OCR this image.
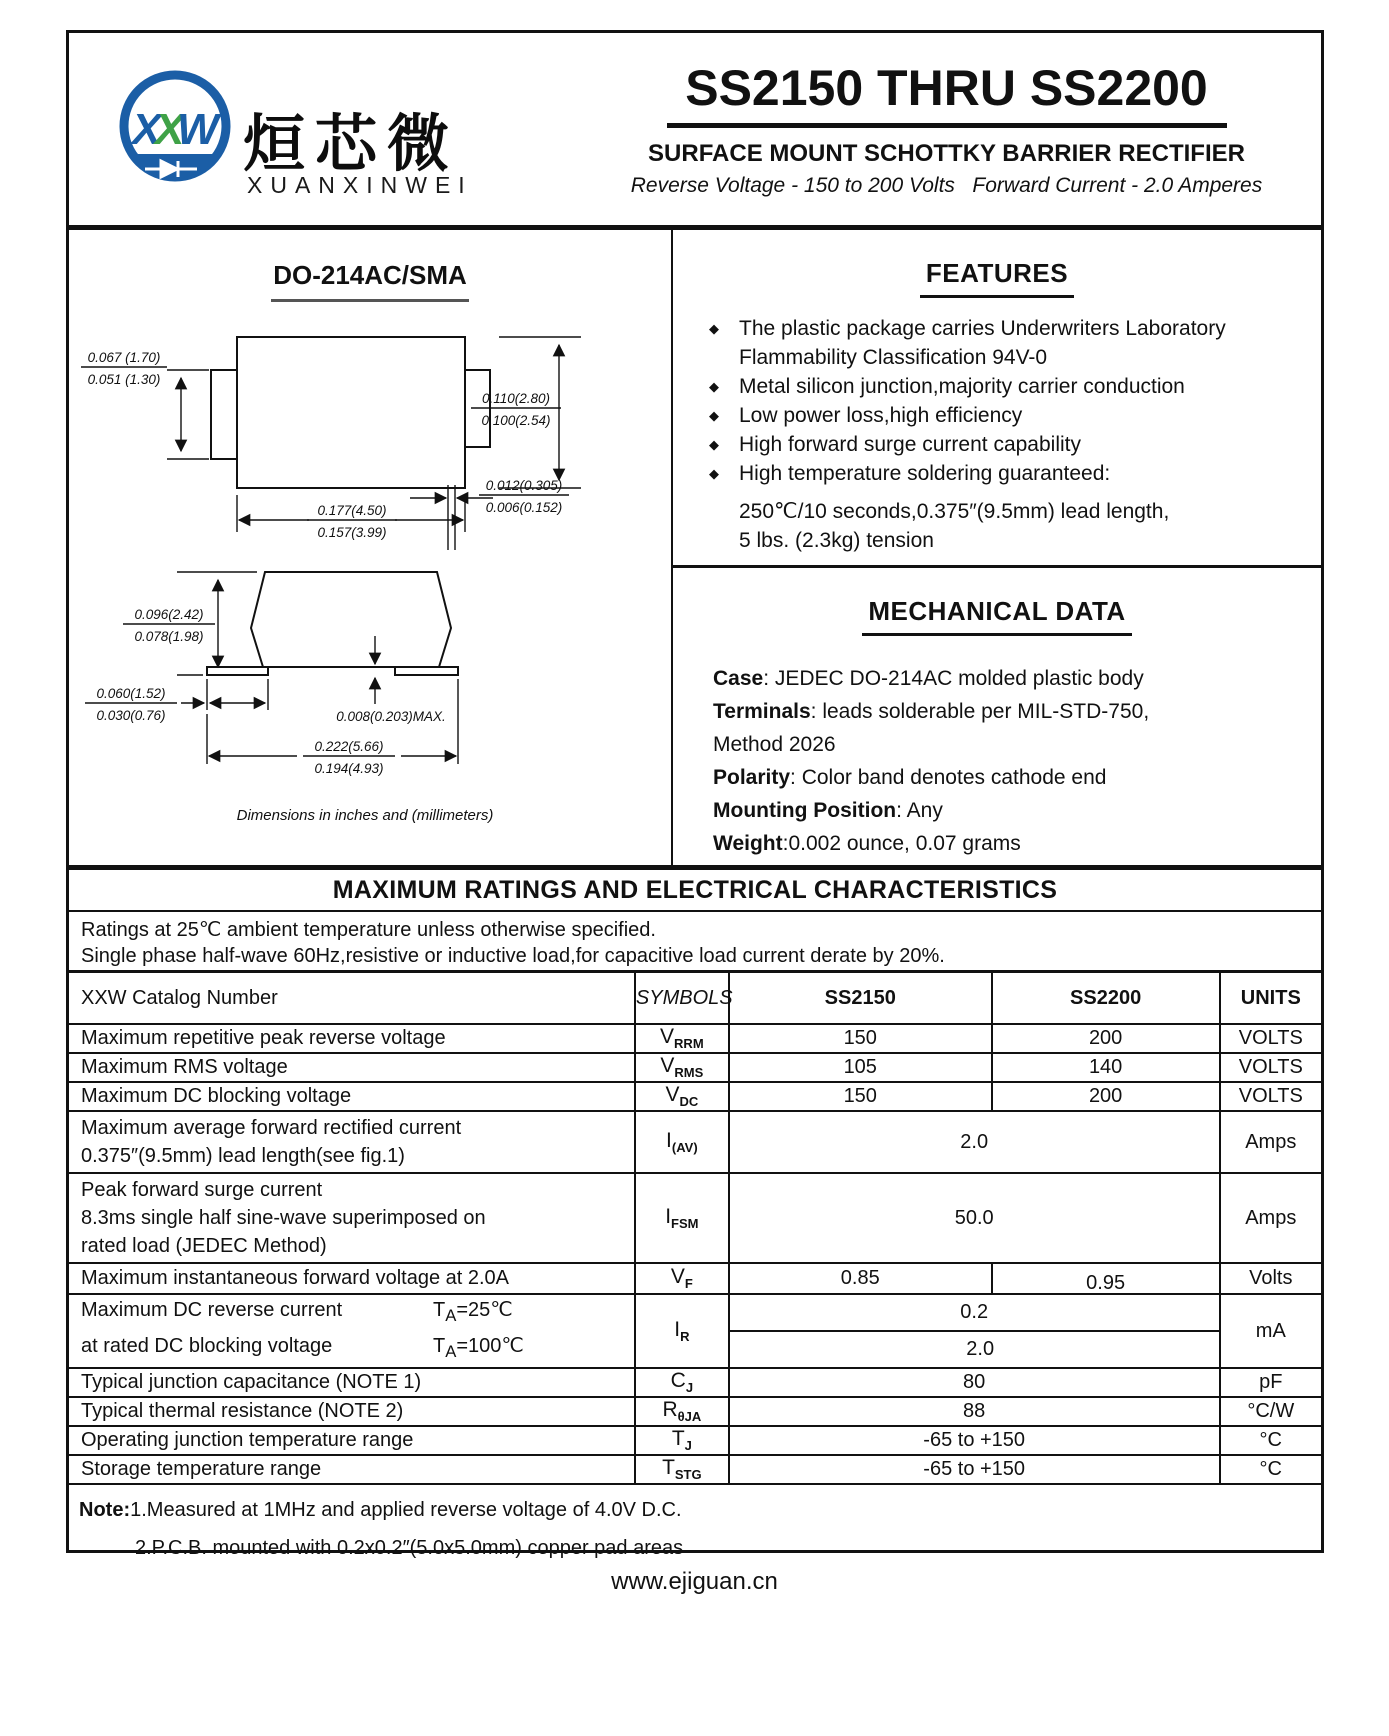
X
X
W 烜芯微
XUANXINWEI
SS2150 THRU SS2200
SURFACE MOUNT SCHOTTKY BARRIER RECTIFIER
Reverse Voltage - 150 to 200 Volts   Forward Current - 2.0 Amperes
DO-214AC/SMA
0.067 (1.70)
0.051 (1.30)
0.110(2.80)
0.100(2.54)
0.177(4.50)
0.157(3.99)
0.012(0.305)
0.006(0.152)
0.096(2.42)
0.078(1.98)
0.060(1.52)
0.030(0.76)	0.008(0.203)MAX.
0.222(5.66)
0.194(4.93)
Dimensions in inches and (millimeters)
FEATURES
◆ The plastic package carries Underwriters Laboratory
Flammability Classification 94V-0
◆ Metal silicon junction,majority carrier conduction
◆ Low power loss,high efficiency
◆ High forward surge current capability
◆ High temperature soldering guaranteed:
250℃/10 seconds,0.375″(9.5mm) lead length,
5 lbs. (2.3kg) tension
MECHANICAL DATA
Case: JEDEC DO-214AC molded plastic body
Terminals: leads solderable per MIL-STD-750,
Method 2026
Polarity: Color band denotes cathode end
Mounting Position: Any
Weight:0.002 ounce, 0.07 grams
MAXIMUM RATINGS AND ELECTRICAL CHARACTERISTICS
Ratings at 25℃ ambient temperature unless otherwise specified.
Single phase half-wave 60Hz,resistive or inductive load,for capacitive load current derate by 20%.
XXW Catalog Number	SYMBOLS	SS2150	SS2200	UNITS
Maximum repetitive peak reverse voltage	$V_{RRM}$	150	200	VOLTS
Maximum RMS voltage	$V_{RMS}$	105	140	VOLTS
Maximum DC blocking voltage	$V_{DC}$	150	200	VOLTS

Maximum average forward rectified current
0.375″(9.5mm) lead length(see fig.1)	$I_{(AV)}$	2.0		Amps

Peak forward surge current
8.3ms single half sine-wave superimposed on
rated load (JEDEC Method)	$I_{FSM}$	50.0		Amps
Maximum instantaneous forward voltage at 2.0A	$V_F$	0.85	0.95	Volts

Maximum DC reverse current $T_A=25℃$
at rated DC blocking voltage $T_A=100℃$	$I_R$	0.2		mA
		2.0		
Typical junction capacitance (NOTE 1)	$C_J$	80		pF
Typical thermal resistance (NOTE 2)	$R_{\theta JA}$	88		°C/W
Operating junction temperature range	$T_J$	-65 to +150		°C
Storage temperature range	$T_{STG}$	-65 to +150		°C
Note:1.Measured at 1MHz and applied reverse voltage of 4.0V D.C.
2.P.C.B. mounted with 0.2x0.2″(5.0x5.0mm) copper pad areas
www.ejiguan.cn
